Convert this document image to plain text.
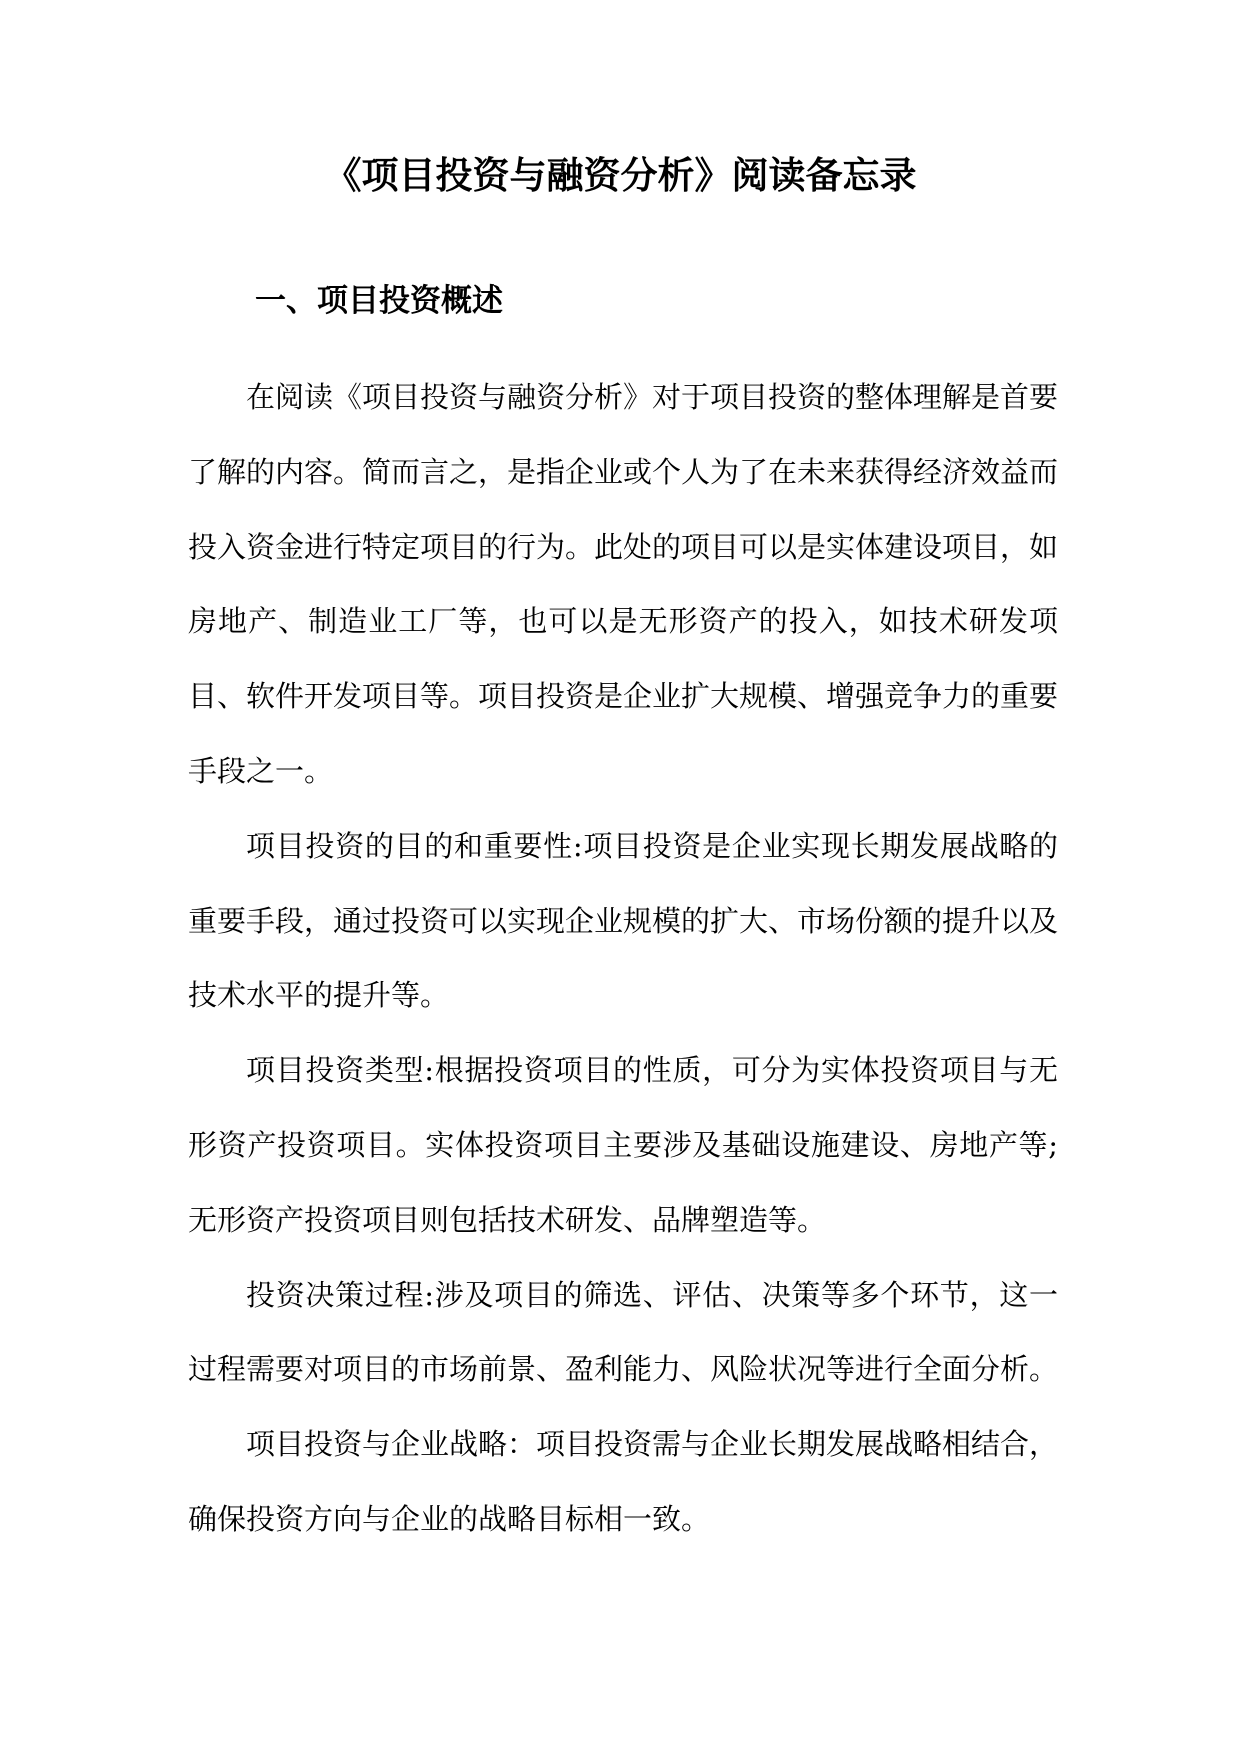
《项目投资与融资分析》阅读备忘录
一、项目投资概述

在阅读《项目投资与融资分析》对于项目投资的整体理解是首要了解的内容。简而言之，是指企业或个人为了在未来获得经济效益而投入资金进行特定项目的行为。此处的项目可以是实体建设项目，如房地产、制造业工厂等，也可以是无形资产的投入，如技术研发项目、软件开发项目等。项目投资是企业扩大规模、增强竞争力的重要手段之一。

项目投资的目的和重要性:项目投资是企业实现长期发展战略的重要手段，通过投资可以实现企业规模的扩大、市场份额的提升以及技术水平的提升等。

项目投资类型:根据投资项目的性质，可分为实体投资项目与无形资产投资项目。实体投资项目主要涉及基础设施建设、房地产等;无形资产投资项目则包括技术研发、品牌塑造等。

投资决策过程:涉及项目的筛选、评估、决策等多个环节，这一过程需要对项目的市场前景、盈利能力、风险状况等进行全面分析。

项目投资与企业战略：项目投资需与企业长期发展战略相结合，确保投资方向与企业的战略目标相一致。
